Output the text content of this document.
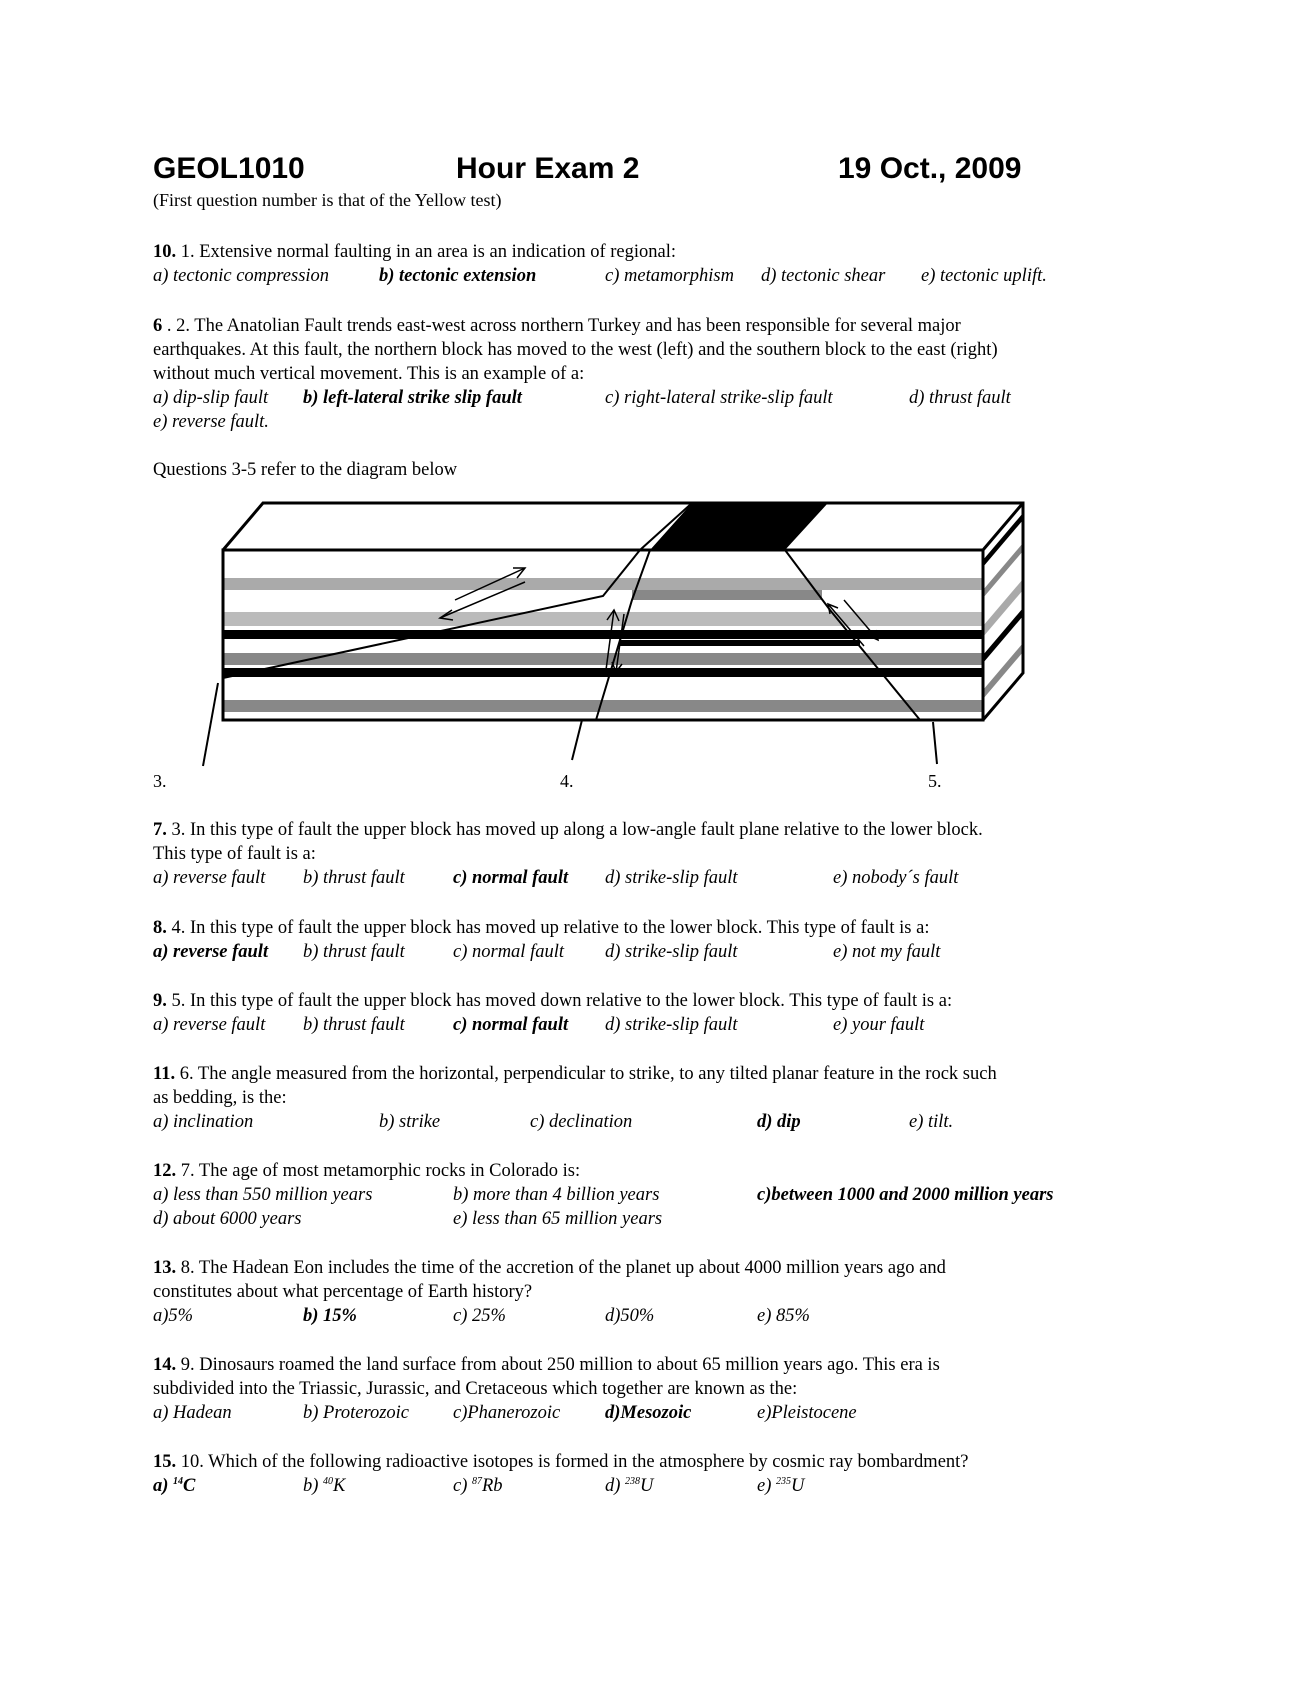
GEOL1010	Hour Exam 2	19 Oct., 2009
(First question number is that of the Yellow test)
10. 1. Extensive normal faulting in an area is an indication of regional:
a) tectonic compression	b) tectonic extension	c) metamorphism d) tectonic shear e) tectonic uplift.
6 . 2. The Anatolian Fault trends east-west across northern Turkey and has been responsible for several major
earthquakes. At this fault, the northern block has moved to the west (left) and the southern block to the east (right)
without much vertical movement. This is an example of a:
a) dip-slip fault b) left-lateral strike slip fault	c) right-lateral strike-slip fault	d) thrust fault
e) reverse fault.
Questions 3-5 refer to the diagram below
3.	4.	5.
7. 3. In this type of fault the upper block has moved up along a low-angle fault plane relative to the lower block.
This type of fault is a:
a) reverse fault b) thrust fault	c) normal fault d) strike-slip fault	e) nobody´s fault
8. 4. In this type of fault the upper block has moved up relative to the lower block. This type of fault is a:
a) reverse fault b) thrust fault	c) normal fault d) strike-slip fault	e) not my fault
9. 5. In this type of fault the upper block has moved down relative to the lower block. This type of fault is a:
a) reverse fault b) thrust fault	c) normal fault d) strike-slip fault	e) your fault
11. 6. The angle measured from the horizontal, perpendicular to strike, to any tilted planar feature in the rock such
as bedding, is the:
a) inclination	b) strike	c) declination	d) dip	e) tilt.
12. 7. The age of most metamorphic rocks in Colorado is:
a) less than 550 million years	b) more than 4 billion years	c)between 1000 and 2000 million years
d) about 6000 years	e) less than 65 million years
13. 8. The Hadean Eon includes the time of the accretion of the planet up about 4000 million years ago and
constitutes about what percentage of Earth history?
a)5%	b) 15%	c) 25%	d)50%	e) 85%
14. 9. Dinosaurs roamed the land surface from about 250 million to about 65 million years ago. This era is
subdivided into the Triassic, Jurassic, and Cretaceous which together are known as the:
a) Hadean	b) Proterozoic c)Phanerozoic d)Mesozoic	e)Pleistocene
15. 10. Which of the following radioactive isotopes is formed in the atmosphere by cosmic ray bombardment?
a) $^{14}$C	b) $^{40}$K	c) $^{87}$Rb	d) $^{238}$U	e) $^{235}$U
